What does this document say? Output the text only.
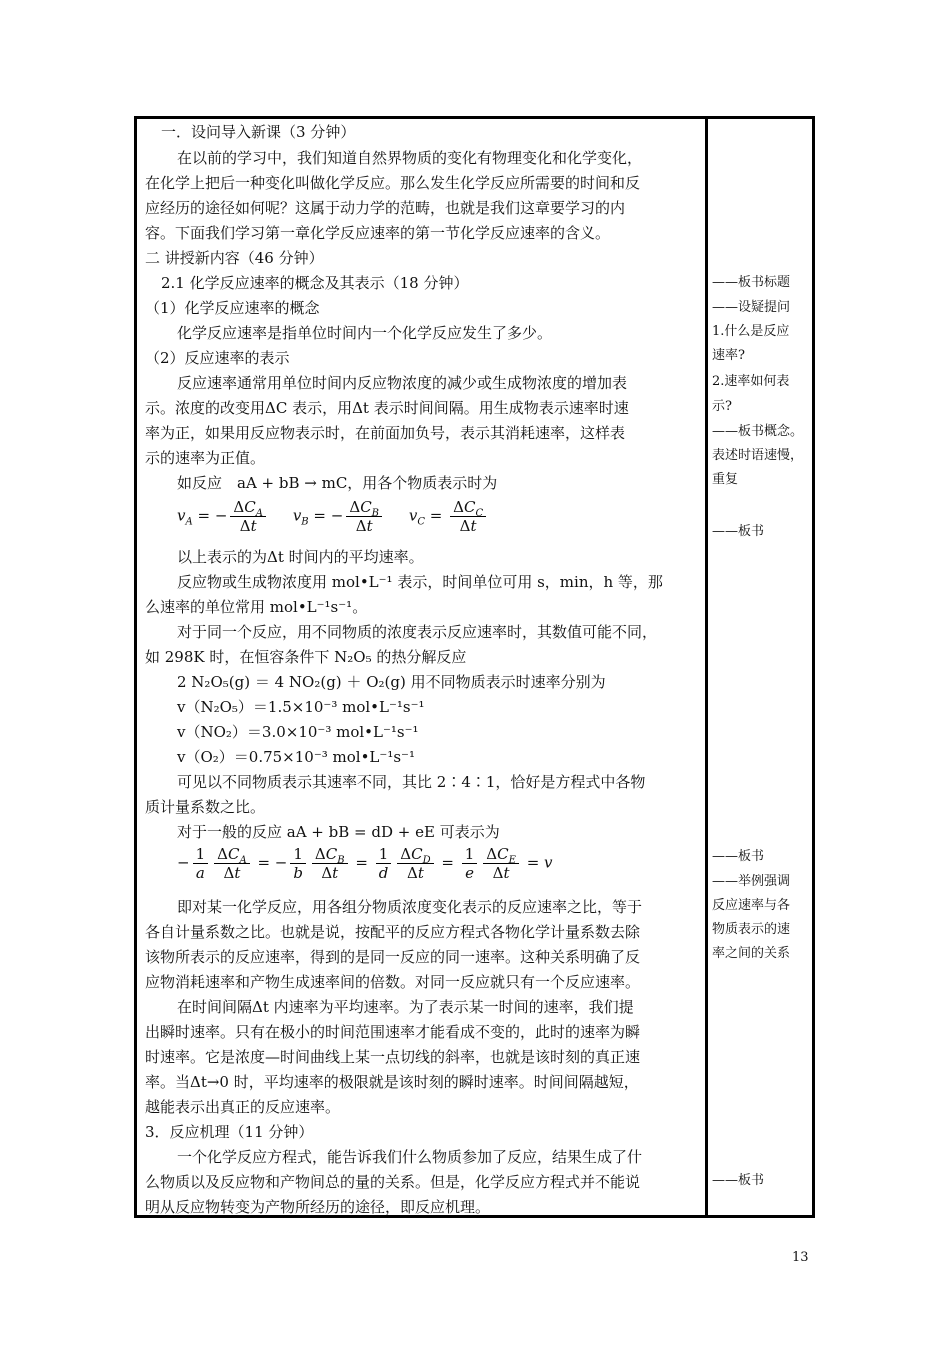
一．设问导入新课（3 分钟）
在以前的学习中，我们知道自然界物质的变化有物理变化和化学变化，
在化学上把后一种变化叫做化学反应。那么发生化学反应所需要的时间和反
应经历的途径如何呢？这属于动力学的范畴，也就是我们这章要学习的内
容。下面我们学习第一章化学反应速率的第一节化学反应速率的含义。
二 讲授新内容（46 分钟）
2.1 化学反应速率的概念及其表示（18 分钟）
（1）化学反应速率的概念
化学反应速率是指单位时间内一个化学反应发生了多少。
（2）反应速率的表示
反应速率通常用单位时间内反应物浓度的减少或生成物浓度的增加表
示。浓度的改变用ΔC 表示，用Δt 表示时间间隔。用生成物表示速率时速
率为正，如果用反应物表示时，在前面加负号，表示其消耗速率，这样表
示的速率为正值。
如反应　aA + bB → mC，用各个物质表示时为
$v_A$ = − $\frac{\Delta C_A}{\Delta t} v_B$ = − $\frac{\Delta C_B}{\Delta t} v_C = \frac{\Delta C_C}{\Delta t}$
以上表示的为Δt 时间内的平均速率。
反应物或生成物浓度用 mol•L⁻¹ 表示，时间单位可用 s，min，h 等，那
么速率的单位常用 mol•L⁻¹s⁻¹。
对于同一个反应，用不同物质的浓度表示反应速率时，其数值可能不同，
如 298K 时，在恒容条件下 N₂O₅ 的热分解反应
2 N₂O₅(g) ＝ 4 NO₂(g) ＋ O₂(g) 用不同物质表示时速率分别为
v（N₂O₅）＝1.5×10⁻³ mol•L⁻¹s⁻¹
v（NO₂）＝3.0×10⁻³ mol•L⁻¹s⁻¹
v（O₂）＝0.75×10⁻³ mol•L⁻¹s⁻¹
可见以不同物质表示其速率不同，其比 2∶4∶1，恰好是方程式中各物
质计量系数之比。
对于一般的反应 aA + bB = dD + eE 可表示为
− $\frac{1}{a} \frac{\Delta C_A}{\Delta t}$ = − $\frac{1}{b} \frac{\Delta C_B}{\Delta t} = \frac{1}{d} \frac{\Delta C_D}{\Delta t} = \frac{1}{e} \frac{\Delta C_E}{\Delta t} = v$
即对某一化学反应，用各组分物质浓度变化表示的反应速率之比，等于
各自计量系数之比。也就是说，按配平的反应方程式各物化学计量系数去除
该物所表示的反应速率，得到的是同一反应的同一速率。这种关系明确了反
应物消耗速率和产物生成速率间的倍数。对同一反应就只有一个反应速率。
在时间间隔Δt 内速率为平均速率。为了表示某一时间的速率，我们提
出瞬时速率。只有在极小的时间范围速率才能看成不变的，此时的速率为瞬
时速率。它是浓度—时间曲线上某一点切线的斜率，也就是该时刻的真正速
率。当Δt→0 时，平均速率的极限就是该时刻的瞬时速率。时间间隔越短，
越能表示出真正的反应速率。
3．反应机理（11 分钟）
一个化学反应方程式，能告诉我们什么物质参加了反应，结果生成了什
么物质以及反应物和产物间总的量的关系。但是，化学反应方程式并不能说
明从反应物转变为产物所经历的途径，即反应机理。
——板书标题
——设疑提问
1.什么是反应
速率?
2.速率如何表
示?
——板书概念。
表述时语速慢，
重复
——板书
——板书
——举例强调
反应速率与各
物质表示的速
率之间的关系
——板书
13
